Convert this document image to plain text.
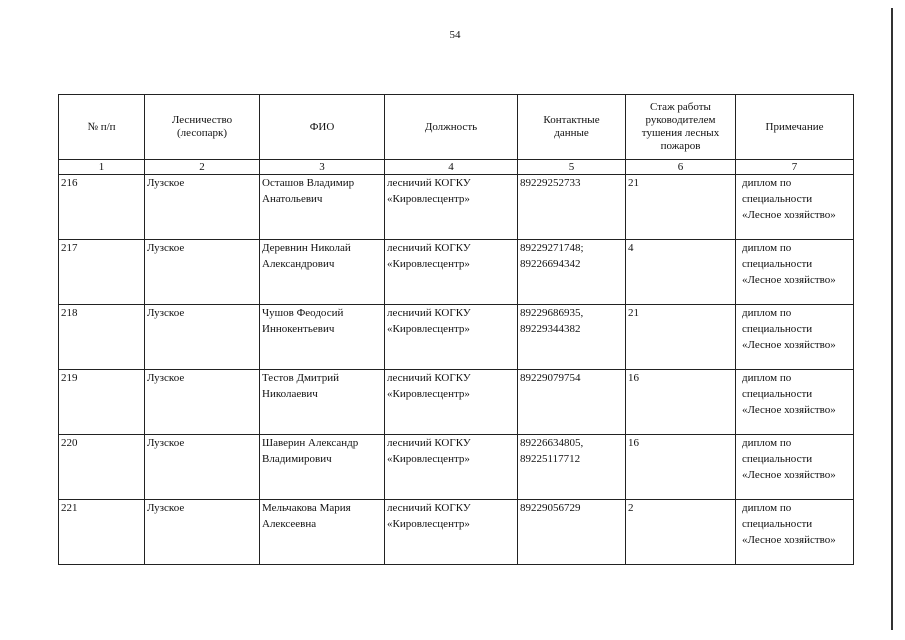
54
№ п/п	Лесничество
(лесопарк)	ФИО	Должность	Контактные
данные	Стаж работы
руководителем
тушения лесных
пожаров	Примечание

1	2	3	4	5	6	7
216	Лузское	Осташов Владимир
Анатольевич	лесничий КОГКУ
«Кировлесцентр»	89229252733	21	диплом по
специальности
«Лесное хозяйство»

217	Лузское	Деревнин Николай
Александрович	лесничий КОГКУ
«Кировлесцентр»	89229271748;
89226694342	4	диплом по
специальности
«Лесное хозяйство»

218	Лузское	Чушов Феодосий
Иннокентьевич	лесничий КОГКУ
«Кировлесцентр»	89229686935,
89229344382	21	диплом по
специальности
«Лесное хозяйство»

219	Лузское	Тестов Дмитрий
Николаевич	лесничий КОГКУ
«Кировлесцентр»	89229079754	16	диплом по
специальности
«Лесное хозяйство»

220	Лузское	Шаверин Александр
Владимирович	лесничий КОГКУ
«Кировлесцентр»	89226634805,
89225117712	16	диплом по
специальности
«Лесное хозяйство»

221	Лузское	Мельчакова Мария
Алексеевна	лесничий КОГКУ
«Кировлесцентр»	89229056729	2	диплом по
специальности
«Лесное хозяйство»
